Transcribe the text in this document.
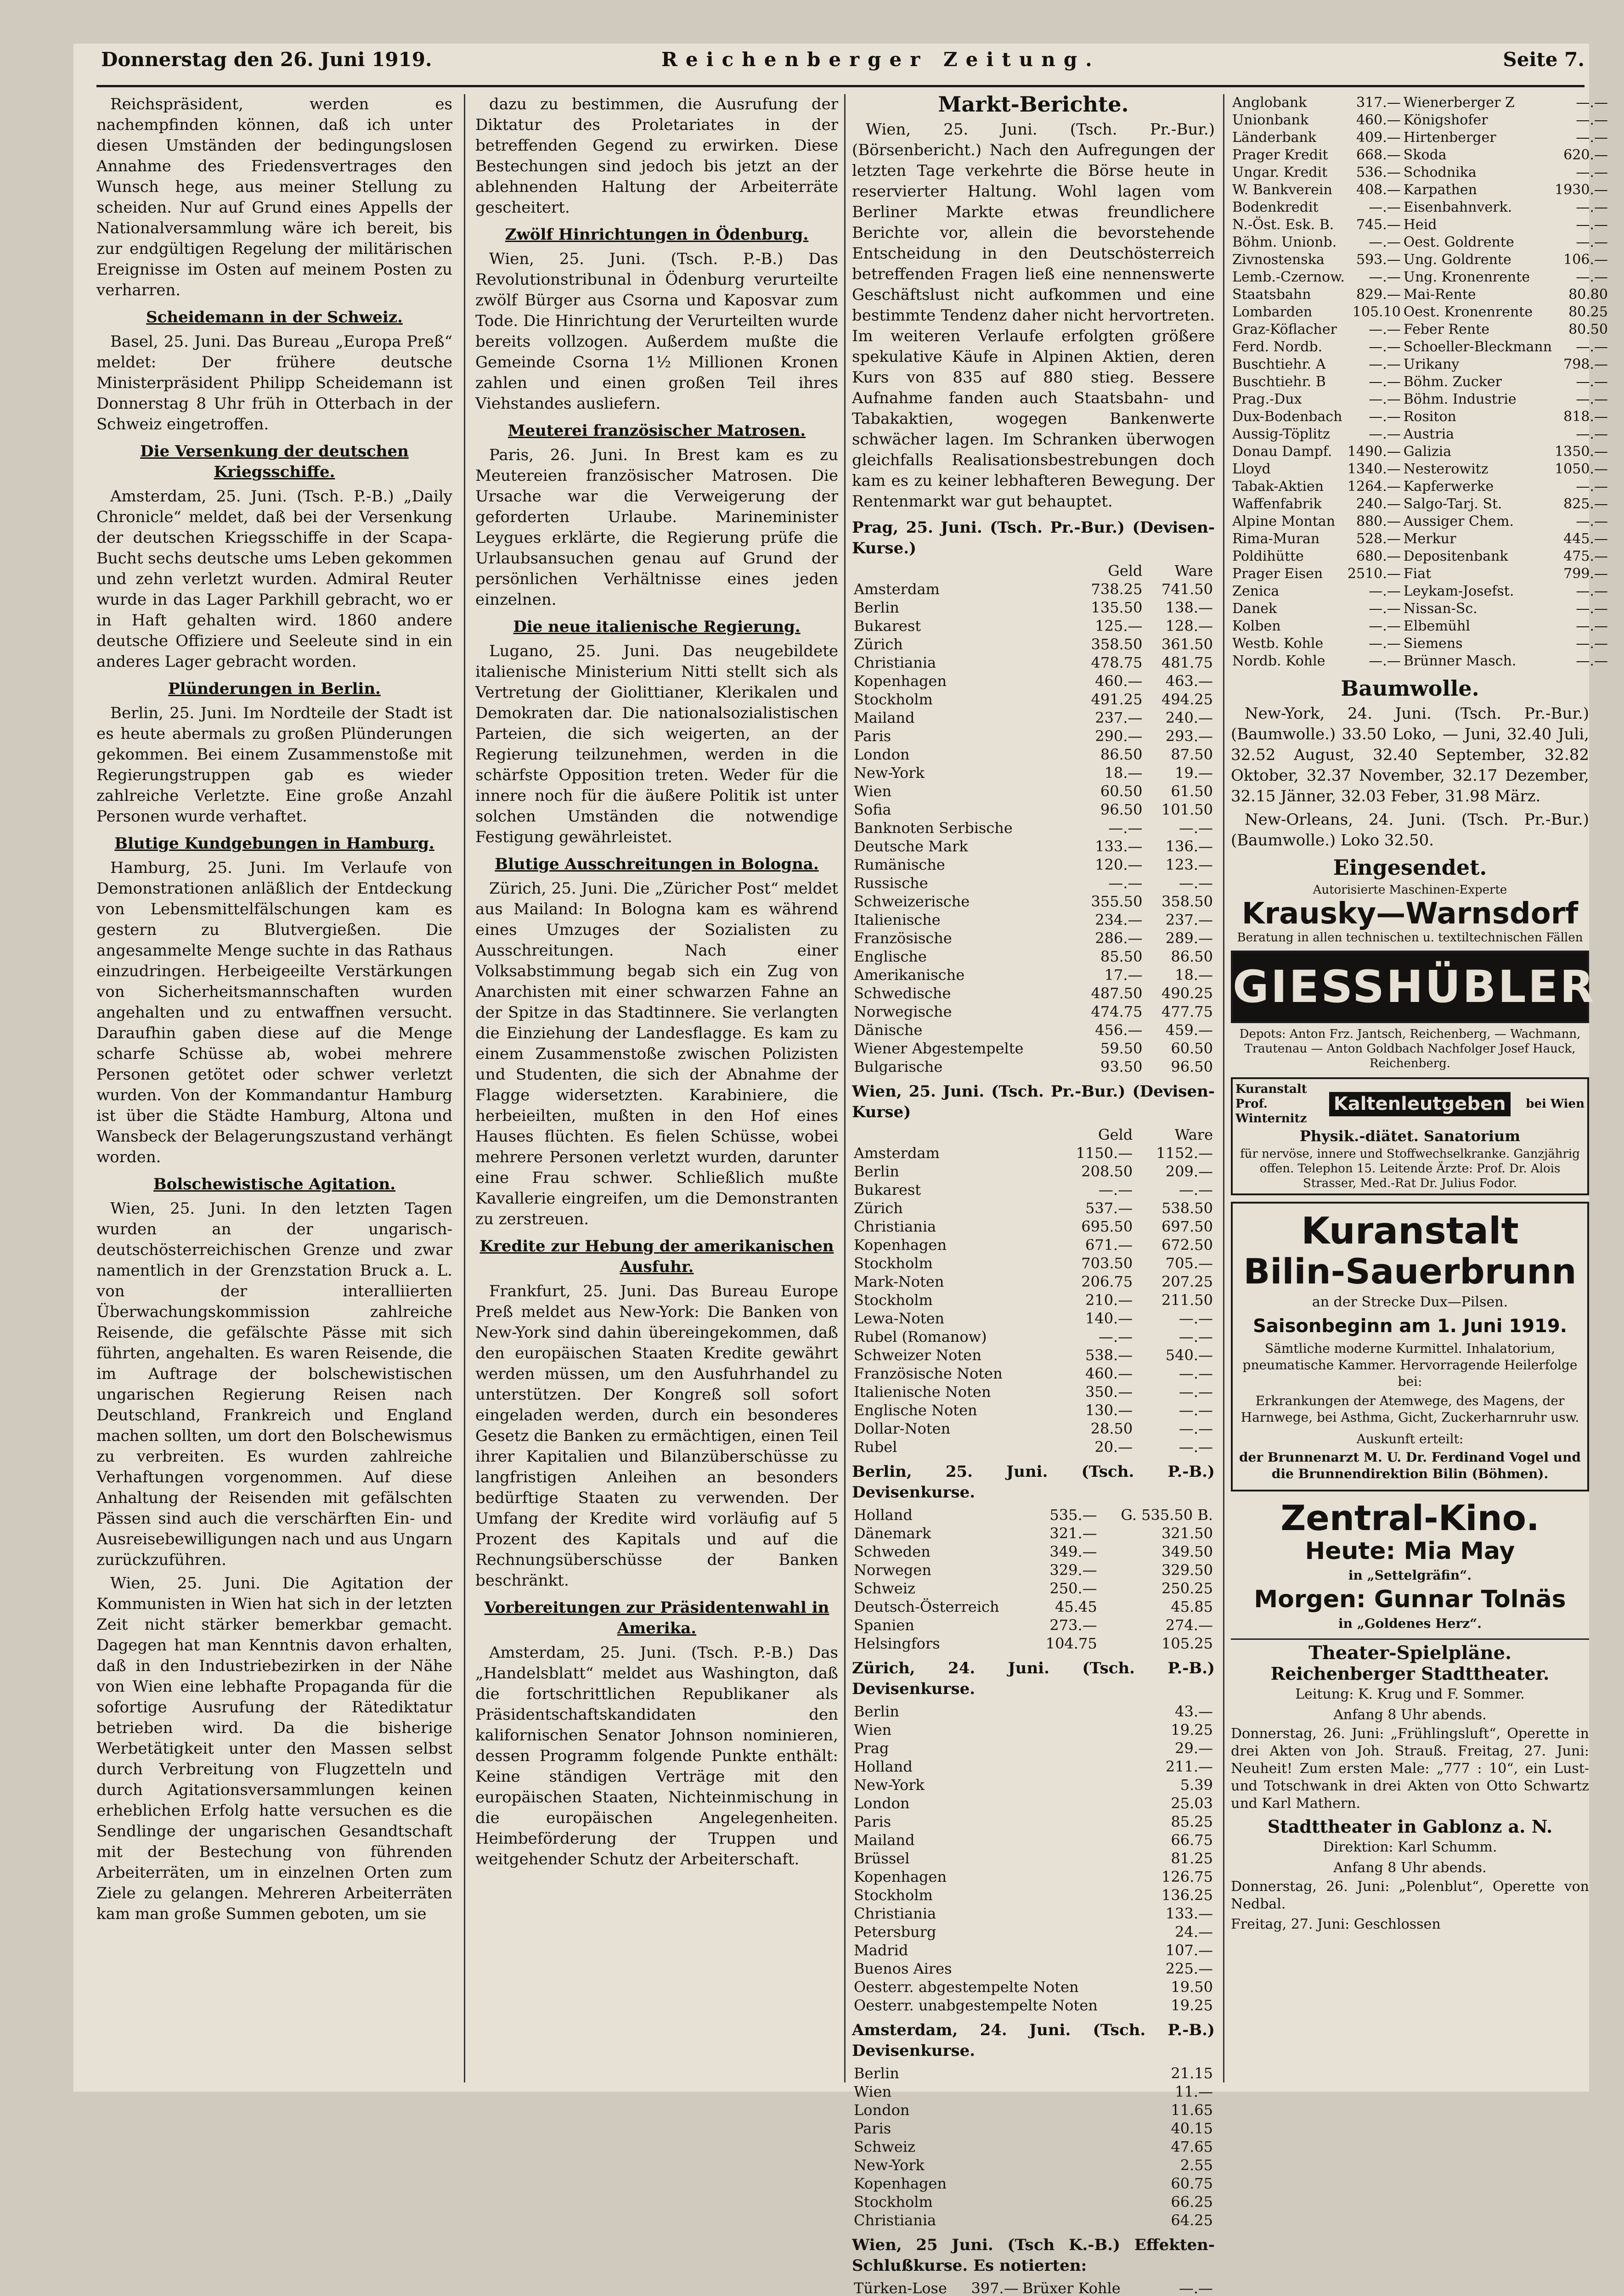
Donnerstag den 26. Juni 1919.	Reichenberger Zeitung.	Seite 7.

Reichspräsident, werden es nachempfinden können, daß ich unter diesen Umständen der bedingungslosen Annahme des Friedensvertrages den Wunsch hege, aus meiner Stellung zu scheiden. Nur auf Grund eines Appells der Nationalversammlung wäre ich bereit, bis zur endgültigen Regelung der militärischen Ereignisse im Osten auf meinem Posten zu verharren.

Scheidemann in der Schweiz.

Basel, 25. Juni. Das Bureau „Europa Preß“ meldet: Der frühere deutsche Ministerpräsident Philipp Scheidemann ist Donnerstag 8 Uhr früh in Otterbach in der Schweiz eingetroffen.

Die Versenkung der deutschen Kriegsschiffe.

Amsterdam, 25. Juni. (Tsch. P.-B.) „Daily Chronicle“ meldet, daß bei der Versenkung der deutschen Kriegsschiffe in der Scapa-Bucht sechs deutsche ums Leben gekommen und zehn verletzt wurden. Admiral Reuter wurde in das Lager Parkhill gebracht, wo er in Haft gehalten wird. 1860 andere deutsche Offiziere und Seeleute sind in ein anderes Lager gebracht worden.

Plünderungen in Berlin.

Berlin, 25. Juni. Im Nordteile der Stadt ist es heute abermals zu großen Plünderungen gekommen. Bei einem Zusammenstoße mit Regierungstruppen gab es wieder zahlreiche Verletzte. Eine große Anzahl Personen wurde verhaftet.

Blutige Kundgebungen in Hamburg.

Hamburg, 25. Juni. Im Verlaufe von Demonstrationen anläßlich der Entdeckung von Lebensmittelfälschungen kam es gestern zu Blutvergießen. Die angesammelte Menge suchte in das Rathaus einzudringen. Herbeigeeilte Verstärkungen von Sicherheitsmannschaften wurden angehalten und zu entwaffnen versucht. Daraufhin gaben diese auf die Menge scharfe Schüsse ab, wobei mehrere Personen getötet oder schwer verletzt wurden. Von der Kommandantur Hamburg ist über die Städte Hamburg, Altona und Wansbeck der Belagerungszustand verhängt worden.

Bolschewistische Agitation.

Wien, 25. Juni. In den letzten Tagen wurden an der ungarisch-deutschösterreichischen Grenze und zwar namentlich in der Grenzstation Bruck a. L. von der interalliierten Überwachungskommission zahlreiche Reisende, die gefälschte Pässe mit sich führten, angehalten. Es waren Reisende, die im Auftrage der bolschewistischen ungarischen Regierung Reisen nach Deutschland, Frankreich und England machen sollten, um dort den Bolschewismus zu verbreiten. Es wurden zahlreiche Verhaftungen vorgenommen. Auf diese Anhaltung der Reisenden mit gefälschten Pässen sind auch die verschärften Ein- und Ausreisebewilligungen nach und aus Ungarn zurückzuführen.

Wien, 25. Juni. Die Agitation der Kommunisten in Wien hat sich in der letzten Zeit nicht stärker bemerkbar gemacht. Dagegen hat man Kenntnis davon erhalten, daß in den Industriebezirken in der Nähe von Wien eine lebhafte Propaganda für die sofortige Ausrufung der Rätediktatur betrieben wird. Da die bisherige Werbetätigkeit unter den Massen selbst durch Verbreitung von Flugzetteln und durch Agitationsversammlungen keinen erheblichen Erfolg hatte versuchen es die Sendlinge der ungarischen Gesandtschaft mit der Bestechung von führenden Arbeiterräten, um in einzelnen Orten zum Ziele zu gelangen. Mehreren Arbeiterräten kam man große Summen geboten, um sie

dazu zu bestimmen, die Ausrufung der Diktatur des Proletariates in der betreffenden Gegend zu erwirken. Diese Bestechungen sind jedoch bis jetzt an der ablehnenden Haltung der Arbeiterräte gescheitert.

Zwölf Hinrichtungen in Ödenburg.

Wien, 25. Juni. (Tsch. P.-B.) Das Revolutionstribunal in Ödenburg verurteilte zwölf Bürger aus Csorna und Kaposvar zum Tode. Die Hinrichtung der Verurteilten wurde bereits vollzogen. Außerdem mußte die Gemeinde Csorna 1½ Millionen Kronen zahlen und einen großen Teil ihres Viehstandes ausliefern.

Meuterei französischer Matrosen.

Paris, 26. Juni. In Brest kam es zu Meutereien französischer Matrosen. Die Ursache war die Verweigerung der geforderten Urlaube. Marineminister Leygues erklärte, die Regierung prüfe die Urlaubsansuchen genau auf Grund der persönlichen Verhältnisse eines jeden einzelnen.

Die neue italienische Regierung.

Lugano, 25. Juni. Das neugebildete italienische Ministerium Nitti stellt sich als Vertretung der Giolittianer, Klerikalen und Demokraten dar. Die nationalsozialistischen Parteien, die sich weigerten, an der Regierung teilzunehmen, werden in die schärfste Opposition treten. Weder für die innere noch für die äußere Politik ist unter solchen Umständen die notwendige Festigung gewährleistet.

Blutige Ausschreitungen in Bologna.

Zürich, 25. Juni. Die „Züricher Post“ meldet aus Mailand: In Bologna kam es während eines Umzuges der Sozialisten zu Ausschreitungen. Nach einer Volksabstimmung begab sich ein Zug von Anarchisten mit einer schwarzen Fahne an der Spitze in das Stadtinnere. Sie verlangten die Einziehung der Landesflagge. Es kam zu einem Zusammenstoße zwischen Polizisten und Studenten, die sich der Abnahme der Flagge widersetzten. Karabiniere, die herbeieilten, mußten in den Hof eines Hauses flüchten. Es fielen Schüsse, wobei mehrere Personen verletzt wurden, darunter eine Frau schwer. Schließlich mußte Kavallerie eingreifen, um die Demonstranten zu zerstreuen.

Kredite zur Hebung der amerikanischen Ausfuhr.

Frankfurt, 25. Juni. Das Bureau Europe Preß meldet aus New-York: Die Banken von New-York sind dahin übereingekommen, daß den europäischen Staaten Kredite gewährt werden müssen, um den Ausfuhrhandel zu unterstützen. Der Kongreß soll sofort eingeladen werden, durch ein besonderes Gesetz die Banken zu ermächtigen, einen Teil ihrer Kapitalien und Bilanzüberschüsse zu langfristigen Anleihen an besonders bedürftige Staaten zu verwenden. Der Umfang der Kredite wird vorläufig auf 5 Prozent des Kapitals und auf die Rechnungsüberschüsse der Banken beschränkt.

Vorbereitungen zur Präsidentenwahl in Amerika.

Amsterdam, 25. Juni. (Tsch. P.-B.) Das „Handelsblatt“ meldet aus Washington, daß die fortschrittlichen Republikaner als Präsidentschaftskandidaten den kalifornischen Senator Johnson nominieren, dessen Programm folgende Punkte enthält: Keine ständigen Verträge mit den europäischen Staaten, Nichteinmischung in die europäischen Angelegenheiten. Heimbeförderung der Truppen und weitgehender Schutz der Arbeiterschaft.

Markt-Berichte.

Wien, 25. Juni. (Tsch. Pr.-Bur.) (Börsenbericht.) Nach den Aufregungen der letzten Tage verkehrte die Börse heute in reservierter Haltung. Wohl lagen vom Berliner Markte etwas freundlichere Berichte vor, allein die bevorstehende Entscheidung in den Deutschösterreich betreffenden Fragen ließ eine nennenswerte Geschäftslust nicht aufkommen und eine bestimmte Tendenz daher nicht hervortreten. Im weiteren Verlaufe erfolgten größere spekulative Käufe in Alpinen Aktien, deren Kurs von 835 auf 880 stieg. Bessere Aufnahme fanden auch Staatsbahn- und Tabakaktien, wogegen Bankenwerte schwächer lagen. Im Schranken überwogen gleichfalls Realisationsbestrebungen doch kam es zu keiner lebhafteren Bewegung. Der Rentenmarkt war gut behauptet.

Prag, 25. Juni. (Tsch. Pr.-Bur.) (Devisen-Kurse.)
	Geld	Ware
Amsterdam	738.25	741.50
Berlin	135.50	138.—
Bukarest	125.—	128.—
Zürich	358.50	361.50
Christiania	478.75	481.75
Kopenhagen	460.—	463.—
Stockholm	491.25	494.25
Mailand	237.—	240.—
Paris	290.—	293.—
London	86.50	87.50
New-York	18.—	19.—
Wien	60.50	61.50
Sofia	96.50	101.50
Banknoten Serbische	—.—	—.—
Deutsche Mark	133.—	136.—
Rumänische	120.—	123.—
Russische	—.—	—.—
Schweizerische	355.50	358.50
Italienische	234.—	237.—
Französische	286.—	289.—
Englische	85.50	86.50
Amerikanische	17.—	18.—
Schwedische	487.50	490.25
Norwegische	474.75	477.75
Dänische	456.—	459.—
Wiener Abgestempelte	59.50	60.50
Bulgarische	93.50	96.50
Wien, 25. Juni. (Tsch. Pr.-Bur.) (Devisen-Kurse)
	Geld	Ware
Amsterdam	1150.—	1152.—
Berlin	208.50	209.—
Bukarest	—.—	—.—
Zürich	537.—	538.50
Christiania	695.50	697.50
Kopenhagen	671.—	672.50
Stockholm	703.50	705.—
Mark-Noten	206.75	207.25
Stockholm	210.—	211.50
Lewa-Noten	140.—	—.—
Rubel (Romanow)	—.—	—.—
Schweizer Noten	538.—	540.—
Französische Noten	460.—	—.—
Italienische Noten	350.—	—.—
Englische Noten	130.—	—.—
Dollar-Noten	28.50	—.—
Rubel	20.—	—.—
Berlin, 25. Juni. (Tsch. P.-B.) Devisenkurse.
Holland	535.—	G. 535.50 B.
Dänemark	321.—	321.50
Schweden	349.—	349.50
Norwegen	329.—	329.50
Schweiz	250.—	250.25
Deutsch-Österreich	45.45	45.85
Spanien	273.—	274.—
Helsingfors	104.75	105.25
Zürich, 24. Juni. (Tsch. P.-B.) Devisenkurse.
Berlin	43.—
Wien	19.25
Prag	29.—
Holland	211.—
New-York	5.39
London	25.03
Paris	85.25
Mailand	66.75
Brüssel	81.25
Kopenhagen	126.75
Stockholm	136.25
Christiania	133.—
Petersburg	24.—
Madrid	107.—
Buenos Aires	225.—
Oesterr. abgestempelte Noten	19.50
Oesterr. unabgestempelte Noten	19.25
Amsterdam, 24. Juni. (Tsch. P.-B.) Devisenkurse.
Berlin	21.15
Wien	11.—
London	11.65
Paris	40.15
Schweiz	47.65
New-York	2.55
Kopenhagen	60.75
Stockholm	66.25
Christiania	64.25
Wien, 25 Juni. (Tsch K.-B.) Effekten-Schlußkurse. Es notierten:
Türken-Lose	397.—	Brüxer Kohle	—.—

Anglobank	317.—	Wienerberger Z	—.—
Unionbank	460.—	Königshofer	—.—
Länderbank	409.—	Hirtenberger	—.—
Prager Kredit	668.—	Skoda	620.—
Ungar. Kredit	536.—	Schodnika	—.—
W. Bankverein	408.—	Karpathen	1930.—
Bodenkredit	—.—	Eisenbahnverk.	—.—
N.-Öst. Esk. B.	745.—	Heid	—.—
Böhm. Unionb.	—.—	Oest. Goldrente	—.—
Zivnostenska	593.—	Ung. Goldrente	106.—
Lemb.-Czernow.	—.—	Ung. Kronenrente	—.—
Staatsbahn	829.—	Mai-Rente	80.80
Lombarden	105.10	Oest. Kronenrente	80.25
Graz-Köflacher	—.—	Feber Rente	80.50
Ferd. Nordb.	—.—	Schoeller-Bleckmann	—.—
Buschtiehr. A	—.—	Urikany	798.—
Buschtiehr. B	—.—	Böhm. Zucker	—.—
Prag.-Dux	—.—	Böhm. Industrie	—.—
Dux-Bodenbach	—.—	Rositon	818.—
Aussig-Töplitz	—.—	Austria	—.—
Donau Dampf.	1490.—	Galizia	1350.—
Lloyd	1340.—	Nesterowitz	1050.—
Tabak-Aktien	1264.—	Kapferwerke	—.—
Waffenfabrik	240.—	Salgo-Tarj. St.	825.—
Alpine Montan	880.—	Aussiger Chem.	—.—
Rima-Muran	528.—	Merkur	445.—
Poldihütte	680.—	Depositenbank	475.—
Prager Eisen	2510.—	Fiat	799.—
Zenica	—.—	Leykam-Josefst.	—.—
Danek	—.—	Nissan-Sc.	—.—
Kolben	—.—	Elbemühl	—.—
Westb. Kohle	—.—	Siemens	—.—
Nordb. Kohle	—.—	Brünner Masch.	—.—
Baumwolle.

New-York, 24. Juni. (Tsch. Pr.-Bur.) (Baumwolle.) 33.50 Loko, — Juni, 32.40 Juli, 32.52 August, 32.40 September, 32.82 Oktober, 32.37 November, 32.17 Dezember, 32.15 Jänner, 32.03 Feber, 31.98 März.

New-Orleans, 24. Juni. (Tsch. Pr.-Bur.) (Baumwolle.) Loko 32.50.

Eingesendet.
Autorisierte Maschinen-Experte
Krausky—Warnsdorf
Beratung in allen technischen u. textiltechnischen Fällen
GIESSHÜBLER
Depots: Anton Frz. Jantsch, Reichenberg, — Wachmann, Trautenau — Anton Goldbach Nachfolger Josef Hauck, Reichenberg.
Kuranstalt Prof. Winternitz
Kaltenleutgeben	bei Wien
Physik.-diätet. Sanatorium
für nervöse, innere und Stoffwechselkranke. Ganzjährig offen. Telephon 15. Leitende Ärzte: Prof. Dr. Alois Strasser, Med.-Rat Dr. Julius Fodor.
Kuranstalt
Bilin-Sauerbrunn
an der Strecke Dux—Pilsen.
Saisonbeginn am 1. Juni 1919.
Sämtliche moderne Kurmittel. Inhalatorium, pneumatische Kammer. Hervorragende Heilerfolge bei:
Erkrankungen der Atemwege, des Magens, der Harnwege, bei Asthma, Gicht, Zuckerharnruhr usw.
Auskunft erteilt:
der Brunnenarzt M. U. Dr. Ferdinand Vogel und die Brunnendirektion Bilin (Böhmen).
Zentral-Kino.
Heute: Mia May
in „Settelgräfin“.
Morgen: Gunnar Tolnäs
in „Goldenes Herz“.
Theater-Spielpläne.
Reichenberger Stadttheater.
Leitung: K. Krug und F. Sommer.
Anfang 8 Uhr abends.

Donnerstag, 26. Juni: „Frühlingsluft“, Operette in drei Akten von Joh. Strauß. Freitag, 27. Juni: Neuheit! Zum ersten Male: „777 : 10“, ein Lust- und Totschwank in drei Akten von Otto Schwartz und Karl Mathern.

Stadttheater in Gablonz a. N.
Direktion: Karl Schumm.
Anfang 8 Uhr abends.

Donnerstag, 26. Juni: „Polenblut“, Operette von Nedbal.

Freitag, 27. Juni: Geschlossen
